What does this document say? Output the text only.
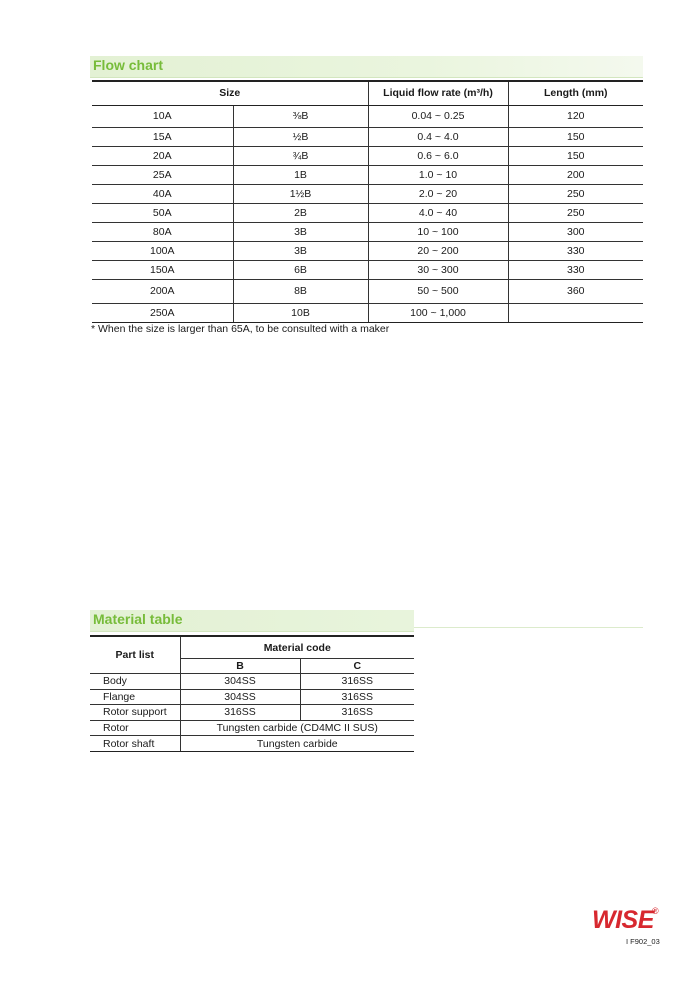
Flow chart
Size		Liquid flow rate (m³/h)	Length (mm)
10A	⅜B	0.04 ~ 0.25	120
15A	½B	0.4 ~ 4.0	150
20A	¾B	0.6 ~ 6.0	150
25A	1B	1.0 ~ 10	200
40A	1½B	2.0 ~ 20	250
50A	2B	4.0 ~ 40	250
80A	3B	10 ~ 100	300
100A	3B	20 ~ 200	330
150A	6B	30 ~ 300	330
200A	8B	50 ~ 500	360
250A	10B	100 ~ 1,000	
* When the size is larger than 65A, to be consulted with a maker
Material table
Part list	Material code	
	B	C
Body	304SS	316SS
Flange	304SS	316SS
Rotor support	316SS	316SS
Rotor	Tungsten carbide (CD4MC II SUS)	
Rotor shaft	Tungsten carbide	
WISE
®
I F902_03
